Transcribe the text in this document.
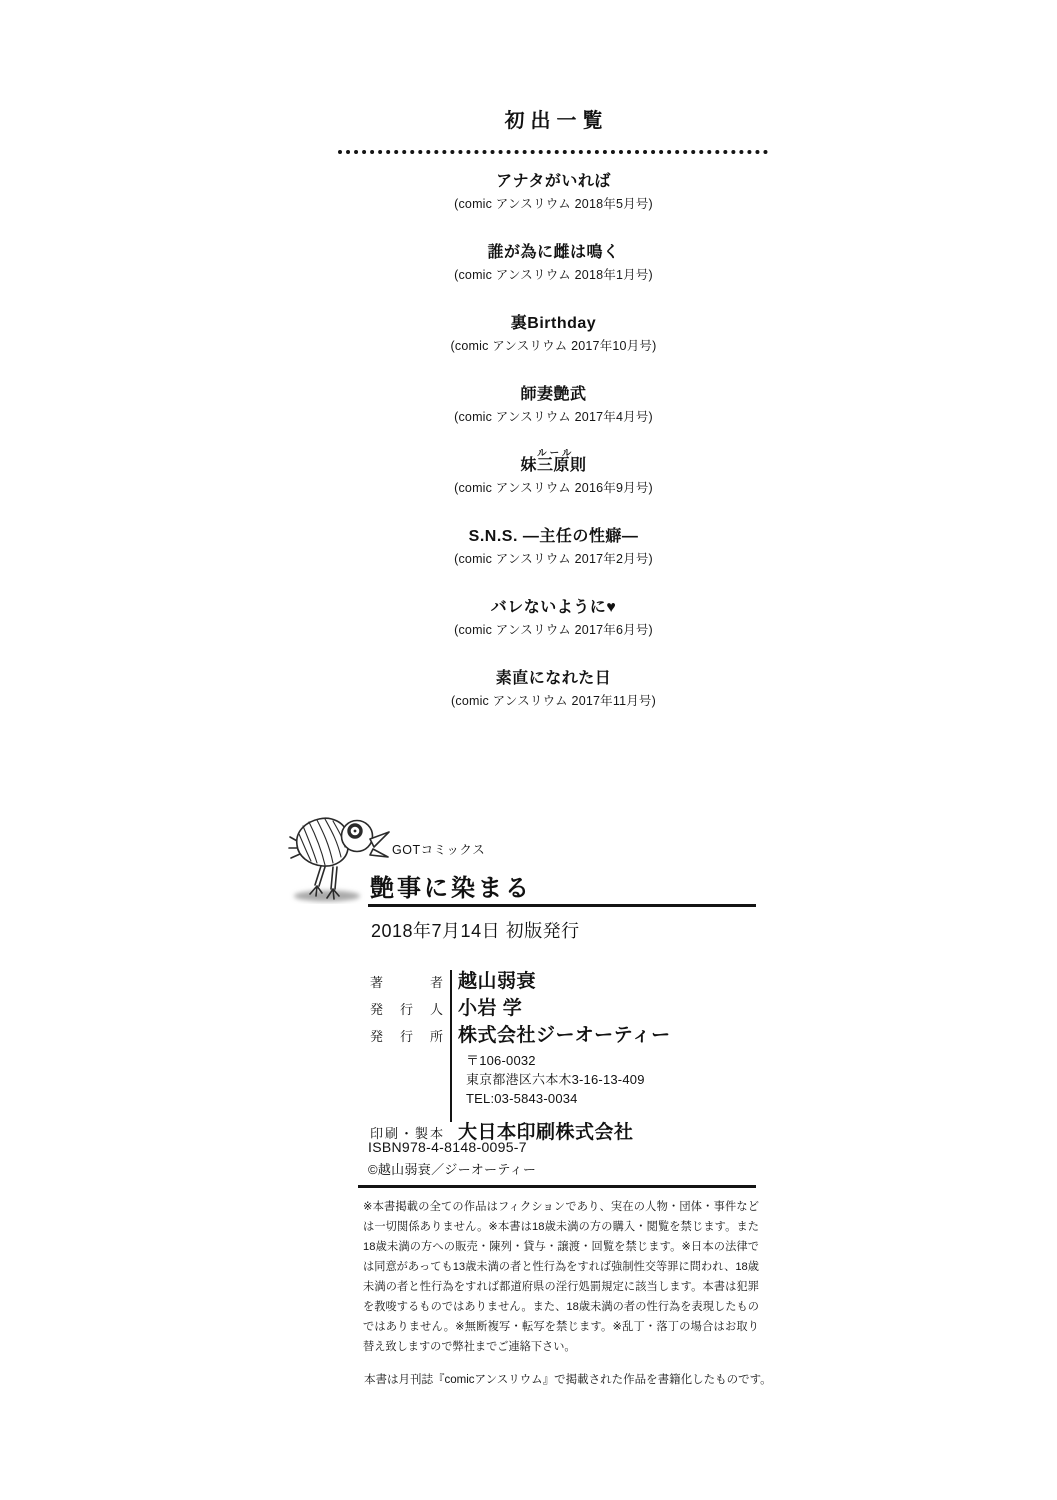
初出一覧
アナタがいれば
(comic アンスリウム 2018年5月号)
誰が為に雌は鳴く
(comic アンスリウム 2018年1月号)
裏Birthday
(comic アンスリウム 2017年10月号)
師妻艶武
(comic アンスリウム 2017年4月号)
ルール
妹三原則
(comic アンスリウム 2016年9月号)
S.N.S. ―主任の性癖―
(comic アンスリウム 2017年2月号)
バレないように♥
(comic アンスリウム 2017年6月号)
素直になれた日
(comic アンスリウム 2017年11月号)
GOTコミックス
艶事に染まる
2018年7月14日 初版発行
著者 越山弱衰
発行人 小岩 学
発行所 株式会社ジーオーティー
〒106-0032
東京都港区六本木3-16-13-409
TEL:03-5843-0034
印刷・製本 大日本印刷株式会社
ISBN978-4-8148-0095-7
©越山弱衰／ジーオーティー

※本書掲載の全ての作品はフィクションであり、実在の人物・団体・事件などは一切関係ありません。※本書は18歳未満の方の購入・閲覧を禁じます。また18歳未満の方への販売・陳列・貸与・譲渡・回覧を禁じます。※日本の法律では同意があっても13歳未満の者と性行為をすれば強制性交等罪に問われ、18歳未満の者と性行為をすれば都道府県の淫行処罰規定に該当します。本書は犯罪を教唆するものではありません。また、18歳未満の者の性行為を表現したものではありません。※無断複写・転写を禁じます。※乱丁・落丁の場合はお取り替え致しますので弊社までご連絡下さい。

本書は月刊誌『comicアンスリウム』で掲載された作品を書籍化したものです。
